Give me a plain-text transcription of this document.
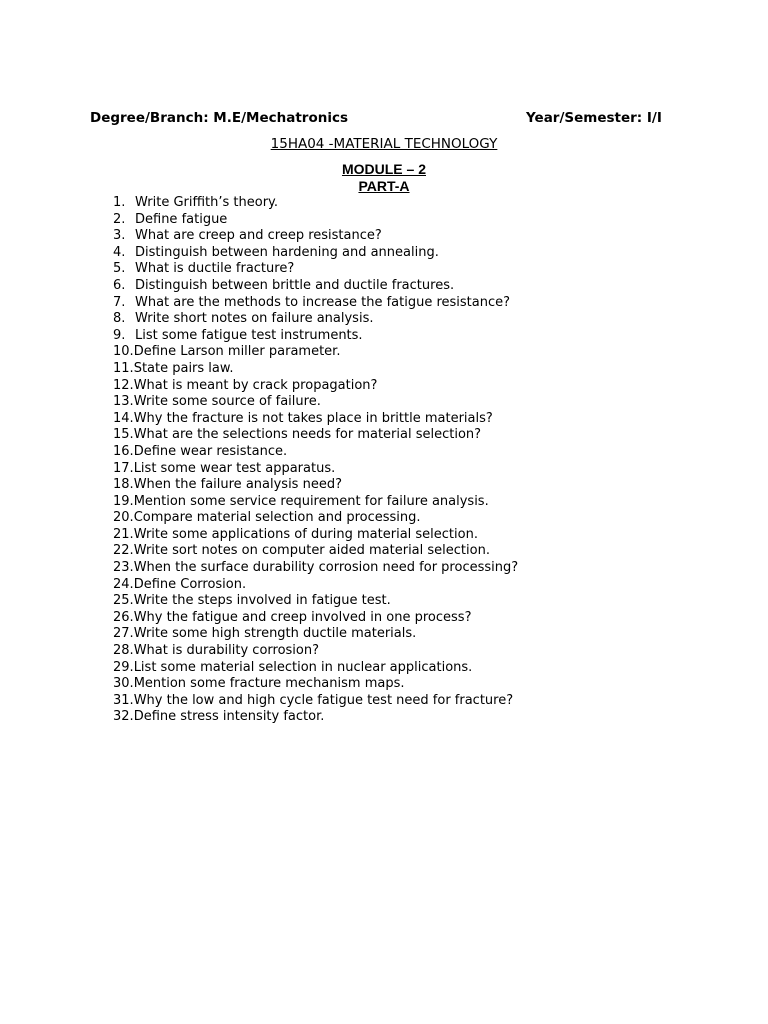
Degree/Branch: M.E/Mechatronics	Year/Semester: I/I
15HA04 -MATERIAL TECHNOLOGY
MODULE – 2
PART-A
1. Write Griffith’s theory.
2. Define fatigue
3. What are creep and creep resistance?
4. Distinguish between hardening and annealing.
5. What is ductile fracture?
6. Distinguish between brittle and ductile fractures.
7. What are the methods to increase the fatigue resistance?
8. Write short notes on failure analysis.
9. List some fatigue test instruments.
10. Define Larson miller parameter.
11. State pairs law.
12. What is meant by crack propagation?
13. Write some source of failure.
14. Why the fracture is not takes place in brittle materials?
15. What are the selections needs for material selection?
16. Define wear resistance.
17. List some wear test apparatus.
18. When the failure analysis need?
19. Mention some service requirement for failure analysis.
20. Compare material selection and processing.
21. Write some applications of during material selection.
22. Write sort notes on computer aided material selection.
23. When the surface durability corrosion need for processing?
24. Define Corrosion.
25. Write the steps involved in fatigue test.
26. Why the fatigue and creep involved in one process?
27. Write some high strength ductile materials.
28. What is durability corrosion?
29. List some material selection in nuclear applications.
30. Mention some fracture mechanism maps.
31. Why the low and high cycle fatigue test need for fracture?
32. Define stress intensity factor.
